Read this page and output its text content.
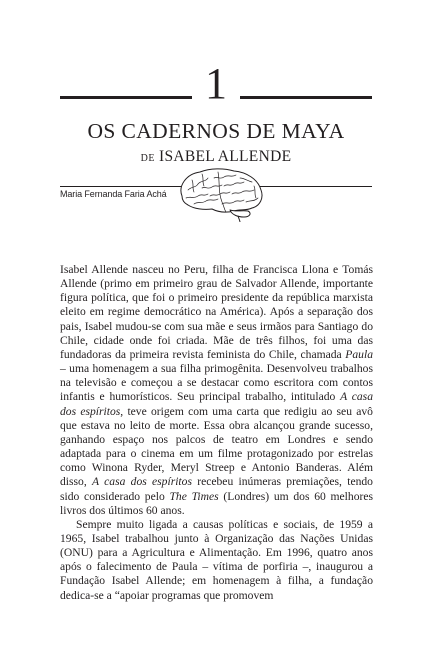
1
OS CADERNOS DE MAYA
DE ISABEL ALLENDE
Maria Fernanda Faria Achá

Isabel Allende nasceu no Peru, filha de Francisca Llona e Tomás Allende (primo em primeiro grau de Salvador Allende, importante figura política, que foi o primeiro presidente da república marxista eleito em regime democrático na América). Após a separação dos pais, Isabel mudou-se com sua mãe e seus irmãos para Santiago do Chile, cidade onde foi criada. Mãe de três filhos, foi uma das fundadoras da primeira revista feminista do Chile, chamada Paula – uma homenagem a sua filha primogênita. Desenvolveu trabalhos na televisão e começou a se destacar como escritora com contos infantis e humorísticos. Seu principal trabalho, intitulado A casa dos espíritos, teve origem com uma carta que redigiu ao seu avô que estava no leito de morte. Essa obra alcançou grande sucesso, ganhando espaço nos palcos de teatro em Londres e sendo adaptada para o cinema em um filme protagonizado por estrelas como Winona Ryder, Meryl Streep e Antonio Banderas. Além disso, A casa dos espíritos recebeu inúmeras premiações, tendo sido considerado pelo The Times (Londres) um dos 60 melhores livros dos últimos 60 anos.

Sempre muito ligada a causas políticas e sociais, de 1959 a 1965, Isabel trabalhou junto à Organização das Nações Unidas (ONU) para a Agricultura e Alimentação. Em 1996, quatro anos após o falecimento de Paula – vítima de porfiria –, inaugurou a Fundação Isabel Allende; em homenagem à filha, a fundação dedica-se a “apoiar programas que promovem
